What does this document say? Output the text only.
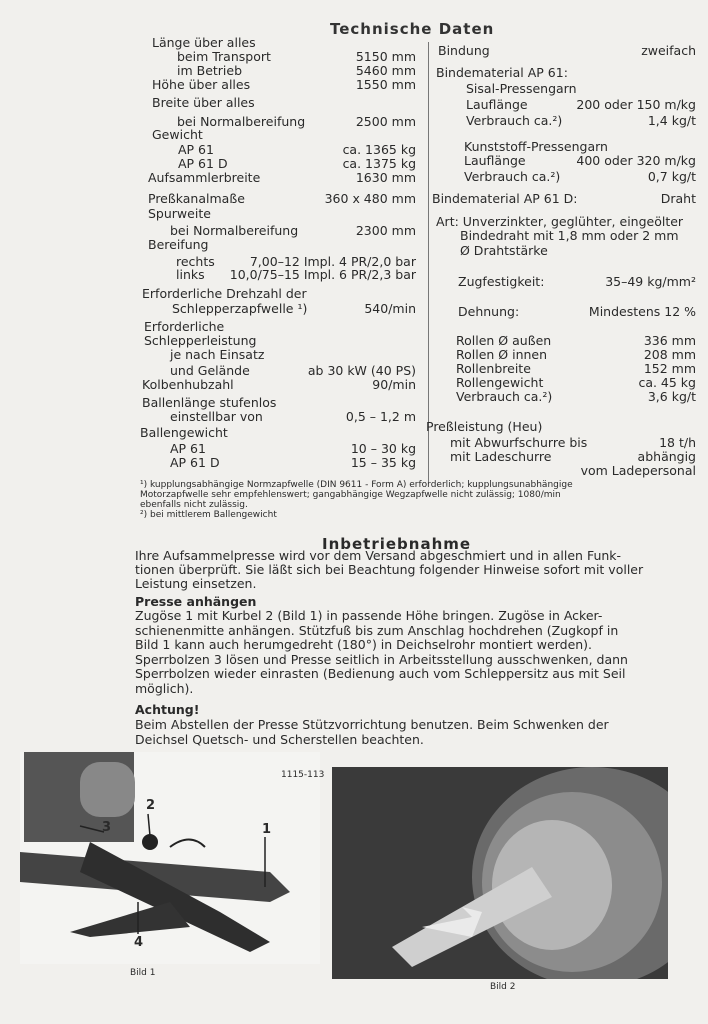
Technische Daten
Länge über alles
beim Transport	5150 mm
im Betrieb	5460 mm
Höhe über alles	1550 mm
Breite über alles
bei Normalbereifung	2500 mm
Gewicht
AP 61	ca. 1365 kg
AP 61 D	ca. 1375 kg
Aufsammlerbreite	1630 mm
Preßkanalmaße	360 x 480 mm
Spurweite
bei Normalbereifung	2300 mm
Bereifung
rechts	7,00–12 Impl. 4 PR/2,0 bar
links 10,0/75–15 Impl. 6 PR/2,3 bar
Erforderliche Drehzahl der
Schlepperzapfwelle ¹)	540/min
Erforderliche
Schlepperleistung
je nach Einsatz
und Gelände	ab 30 kW (40 PS)
Kolbenhubzahl	90/min
Ballenlänge stufenlos
einstellbar von	0,5 – 1,2 m
Ballengewicht
AP 61	10 – 30 kg
AP 61 D	15 – 35 kg
Bindung	zweifach
Bindematerial AP 61:
Sisal-Pressengarn
Lauflänge	200 oder 150 m/kg
Verbrauch ca.²)	1,4 kg/t
Kunststoff-Pressengarn
Lauflänge	400 oder 320 m/kg
Verbrauch ca.²)	0,7 kg/t
Bindematerial AP 61 D:	Draht
Art: Unverzinkter, geglühter, eingeölter
Bindedraht mit 1,8 mm oder 2 mm
Ø Drahtstärke
Zugfestigkeit:	35–49 kg/mm²
Dehnung:	Mindestens 12 %
Rollen Ø außen	336 mm
Rollen Ø innen	208 mm
Rollenbreite	152 mm
Rollengewicht	ca. 45 kg
Verbrauch ca.²)	3,6 kg/t
Preßleistung (Heu)
mit Abwurfschurre bis	18 t/h
mit Ladeschurre	abhängig
vom Ladepersonal
¹) kupplungsabhängige Normzapfwelle (DIN 9611 - Form A) erforderlich; kupplungsunabhängige
Motorzapfwelle sehr empfehlenswert; gangabhängige Wegzapfwelle nicht zulässig; 1080/min
ebenfalls nicht zulässig.
²) bei mittlerem Ballengewicht
Inbetriebnahme
Ihre Aufsammelpresse wird vor dem Versand abgeschmiert und in allen Funk-
tionen überprüft. Sie läßt sich bei Beachtung folgender Hinweise sofort mit voller
Leistung einsetzen.
Presse anhängen
Zugöse 1 mit Kurbel 2 (Bild 1) in passende Höhe bringen. Zugöse in Acker-
schienenmitte anhängen. Stützfuß bis zum Anschlag hochdrehen (Zugkopf in
Bild 1 kann auch herumgedreht (180°) in Deichselrohr montiert werden).
Sperrbolzen 3 lösen und Presse seitlich in Arbeitsstellung ausschwenken, dann
Sperrbolzen wieder einrasten (Bedienung auch vom Schleppersitz aus mit Seil
möglich).
Achtung!
Beim Abstellen der Presse Stützvorrichtung benutzen. Beim Schwenken der
Deichsel Quetsch- und Scherstellen beachten.
1115-113
1
2
3
4
Bild 1
Bild 2
